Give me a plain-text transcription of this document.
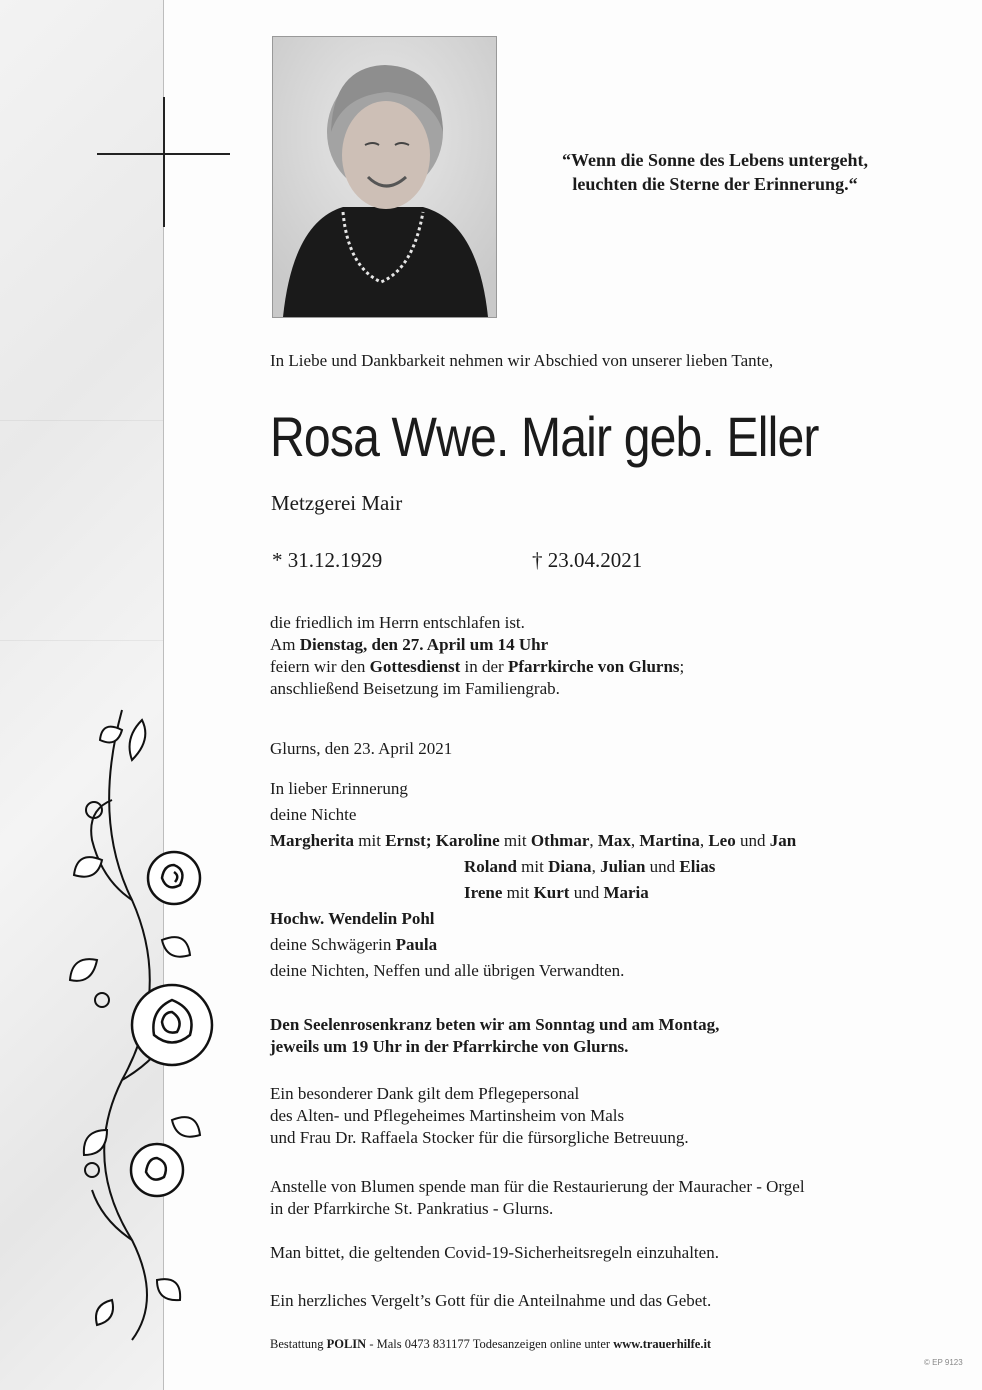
“Wenn die Sonne des Lebens untergeht,
leuchten die Sterne der Erinnerung.“
In Liebe und Dankbarkeit nehmen wir Abschied von unserer lieben Tante,
Rosa Wwe. Mair geb. Eller
Metzgerei Mair
* 31.12.1929	† 23.04.2021
die friedlich im Herrn entschlafen ist.
Am Dienstag, den 27. April um 14 Uhr
feiern wir den Gottesdienst in der Pfarrkirche von Glurns;
anschließend Beisetzung im Familiengrab.
Glurns, den 23. April 2021
In lieber Erinnerung
deine Nichte
Margherita mit Ernst; Karoline mit Othmar, Max, Martina, Leo und Jan
Roland mit Diana, Julian und Elias
Irene mit Kurt und Maria
Hochw. Wendelin Pohl
deine Schwägerin Paula
deine Nichten, Neffen und alle übrigen Verwandten.
Den Seelenrosenkranz beten wir am Sonntag und am Montag,
jeweils um 19 Uhr in der Pfarrkirche von Glurns.
Ein besonderer Dank gilt dem Pflegepersonal
des Alten- und Pflegeheimes Martinsheim von Mals
und Frau Dr. Raffaela Stocker für die fürsorgliche Betreuung.
Anstelle von Blumen spende man für die Restaurierung der Mauracher - Orgel
in der Pfarrkirche St. Pankratius - Glurns.
Man bittet, die geltenden Covid-19-Sicherheitsregeln einzuhalten.
Ein herzliches Vergelt’s Gott für die Anteilnahme und das Gebet.
Bestattung POLIN - Mals 0473 831177 Todesanzeigen online unter www.trauerhilfe.it
© EP 9123
